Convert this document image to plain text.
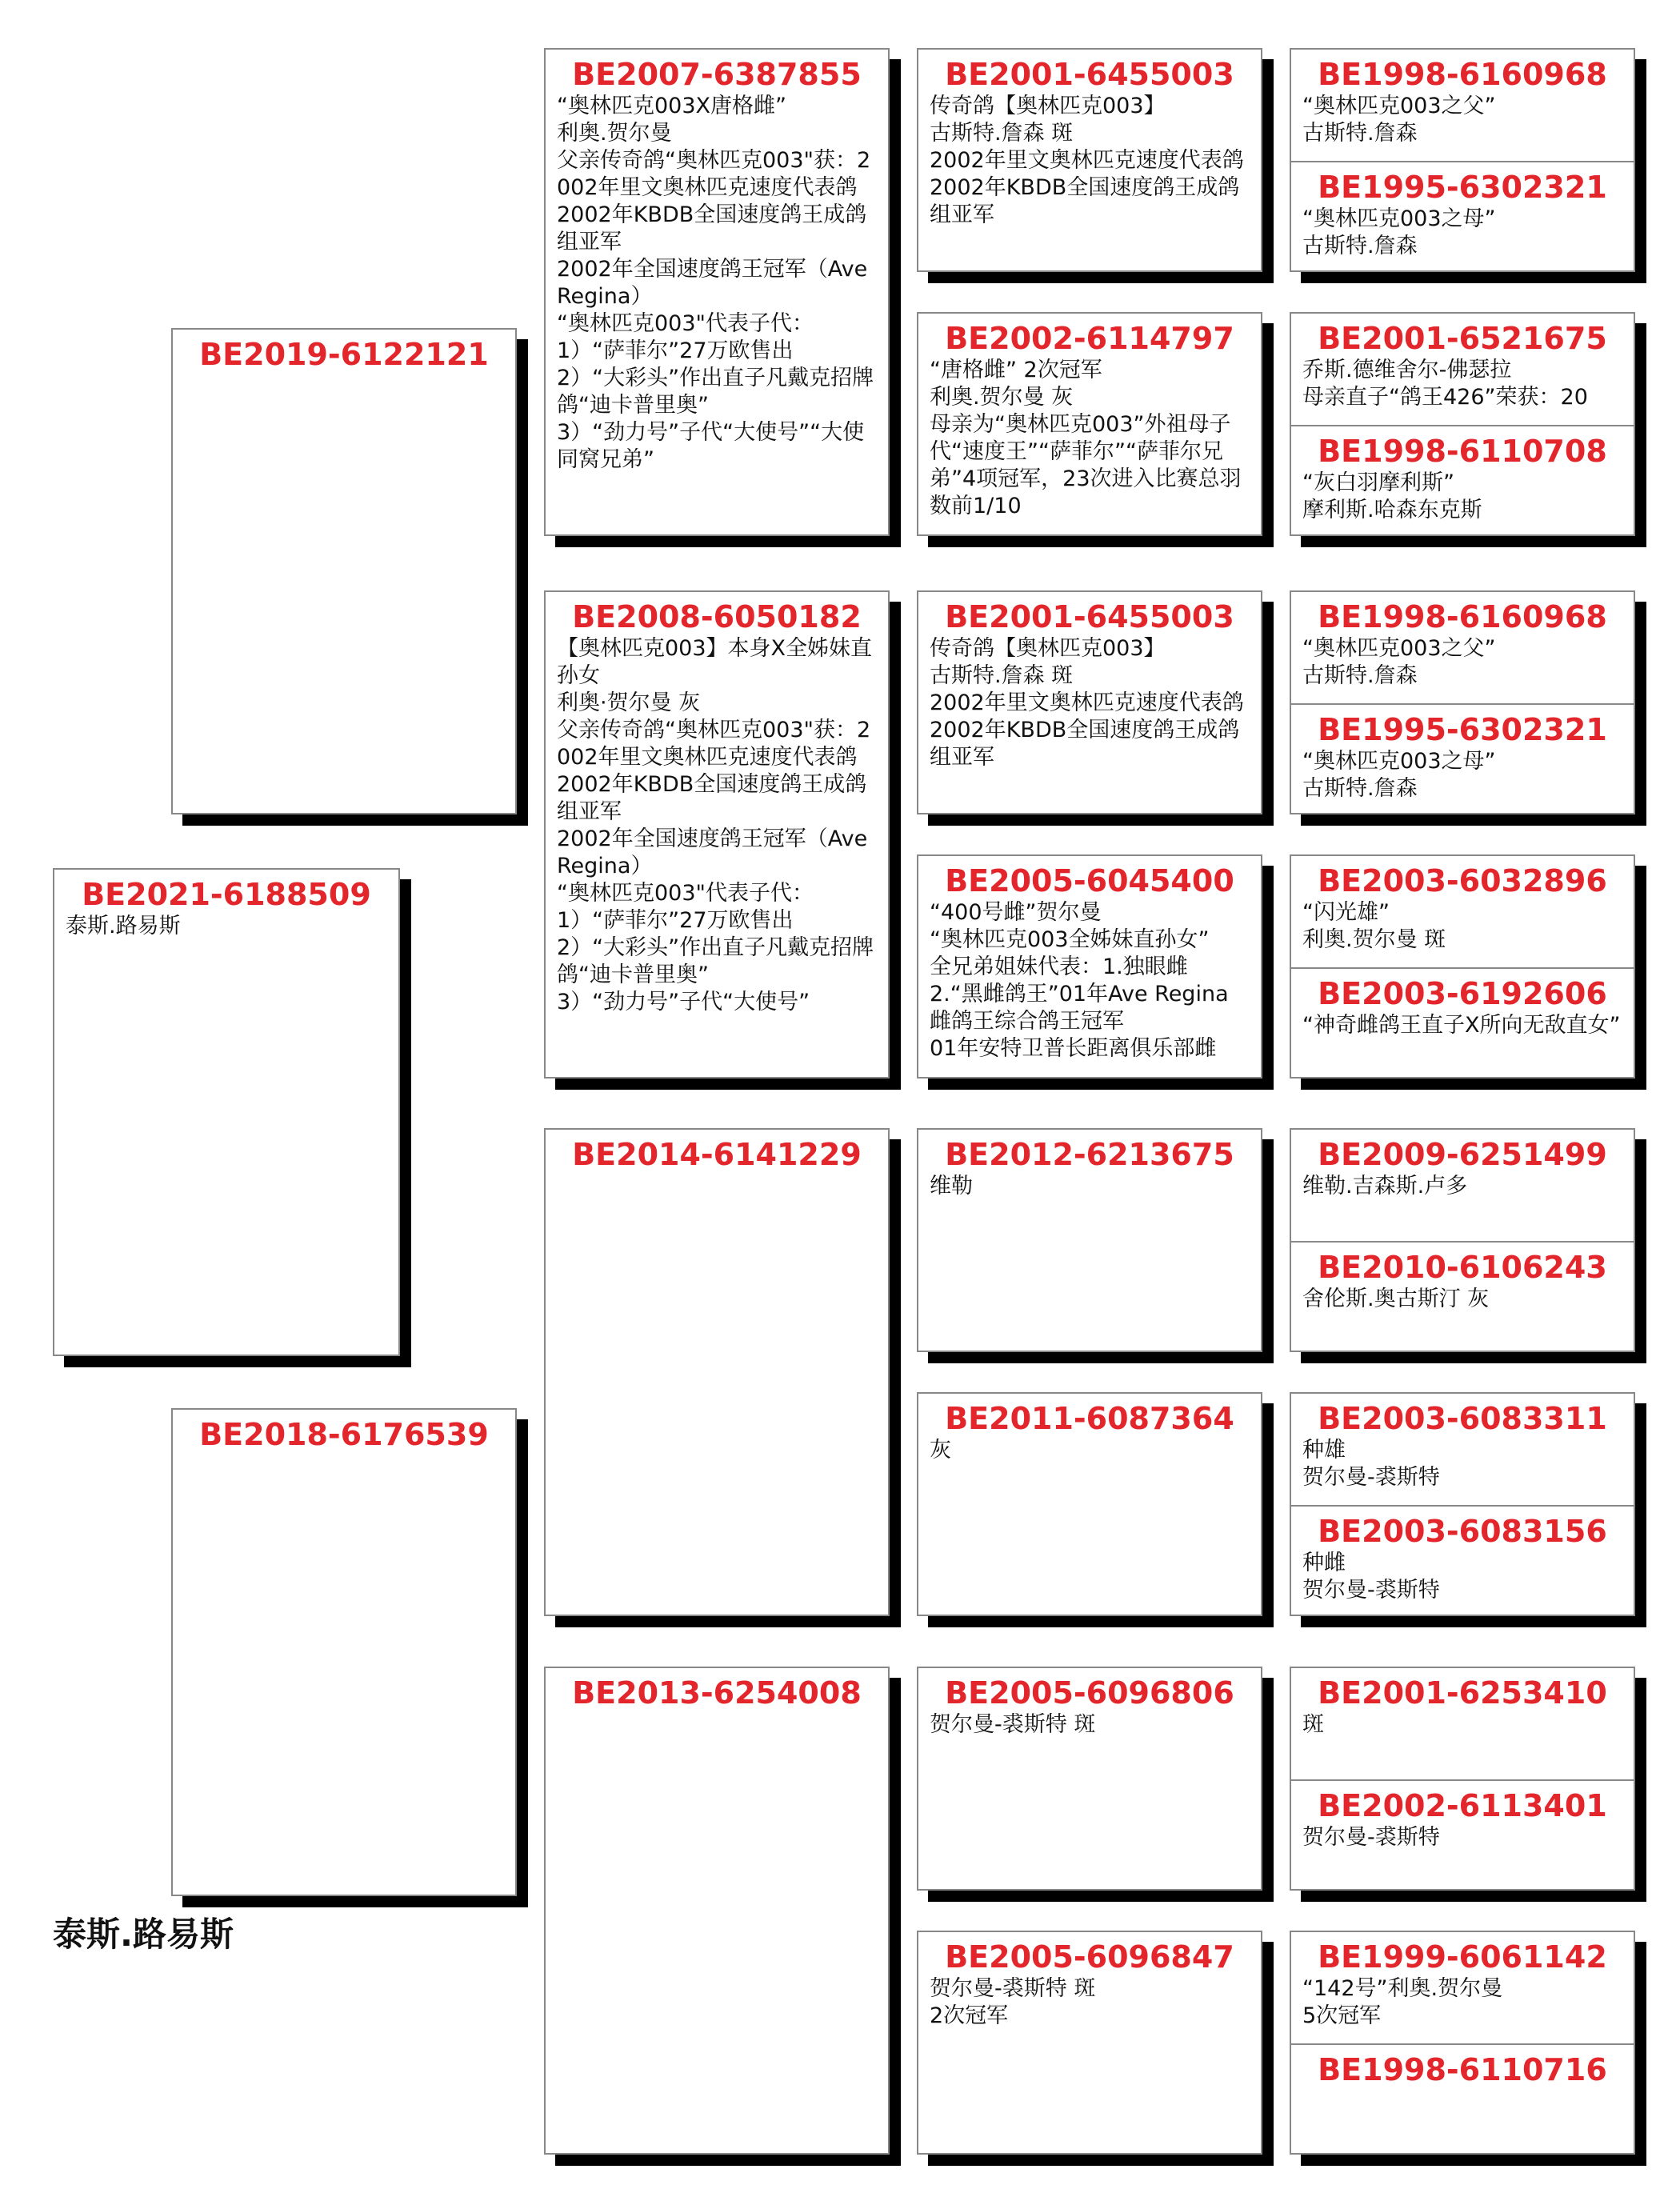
BE2021-6188509
泰斯.路易斯
BE2019-6122121
BE2018-6176539
BE2007-6387855
“奥林匹克003X唐格雌”
利奥.贺尔曼
父亲传奇鸽“奥林匹克003"获：2002年里文奥林匹克速度代表鸽
2002年KBDB全国速度鸽王成鸽组亚军
2002年全国速度鸽王冠军（Ave Regina）
“奥林匹克003"代表子代：1）“萨菲尔”27万欧售出
2）“大彩头”作出直子凡戴克招牌鸽“迪卡普里奥”
3）“劲力号”子代“大使号”“大使同窝兄弟”
BE2008-6050182
【奥林匹克003】本身X全姊妹直孙女
利奥·贺尔曼 灰
父亲传奇鸽“奥林匹克003"获：2002年里文奥林匹克速度代表鸽
2002年KBDB全国速度鸽王成鸽组亚军
2002年全国速度鸽王冠军（Ave Regina）
“奥林匹克003"代表子代：1）“萨菲尔”27万欧售出
2）“大彩头”作出直子凡戴克招牌鸽“迪卡普里奥”
3）“劲力号”子代“大使号”
BE2014-6141229
BE2013-6254008
BE2001-6455003
传奇鸽【奥林匹克003】
古斯特.詹森 斑
2002年里文奥林匹克速度代表鸽
2002年KBDB全国速度鸽王成鸽组亚军
BE2002-6114797
“唐格雌” 2次冠军
利奥.贺尔曼 灰
母亲为“奥林匹克003”外祖母子代“速度王”“萨菲尔”“萨菲尔兄弟”4项冠军，23次进入比赛总羽数前1/10
BE2001-6455003
传奇鸽【奥林匹克003】
古斯特.詹森 斑
2002年里文奥林匹克速度代表鸽
2002年KBDB全国速度鸽王成鸽组亚军
BE2005-6045400
“400号雌”贺尔曼
“奥林匹克003全姊妹直孙女”
全兄弟姐妹代表：1.独眼雌
2.“黑雌鸽王”01年Ave Regina雌鸽王综合鸽王冠军
01年安特卫普长距离俱乐部雌
BE2012-6213675
维勒
BE2011-6087364
灰
BE2005-6096806
贺尔曼-裘斯特 斑
BE2005-6096847
贺尔曼-裘斯特 斑
2次冠军
BE1998-6160968
“奥林匹克003之父”
古斯特.詹森
BE1995-6302321
“奥林匹克003之母”
古斯特.詹森
BE2001-6521675
乔斯.德维舍尔-佛瑟拉
母亲直子“鸽王426”荣获：20
BE1998-6110708
“灰白羽摩利斯”
摩利斯.哈森东克斯
BE1998-6160968
“奥林匹克003之父”
古斯特.詹森
BE1995-6302321
“奥林匹克003之母”
古斯特.詹森
BE2003-6032896
“闪光雄”
利奥.贺尔曼 斑
BE2003-6192606
“神奇雌鸽王直子X所向无敌直女”
BE2009-6251499
维勒.吉森斯.卢多
BE2010-6106243
舍伦斯.奥古斯汀 灰
BE2003-6083311
种雄
贺尔曼-裘斯特
BE2003-6083156
种雌
贺尔曼-裘斯特
BE2001-6253410
斑
BE2002-6113401
贺尔曼-裘斯特
BE1999-6061142
“142号”利奥.贺尔曼
5次冠军
BE1998-6110716
泰斯.路易斯
